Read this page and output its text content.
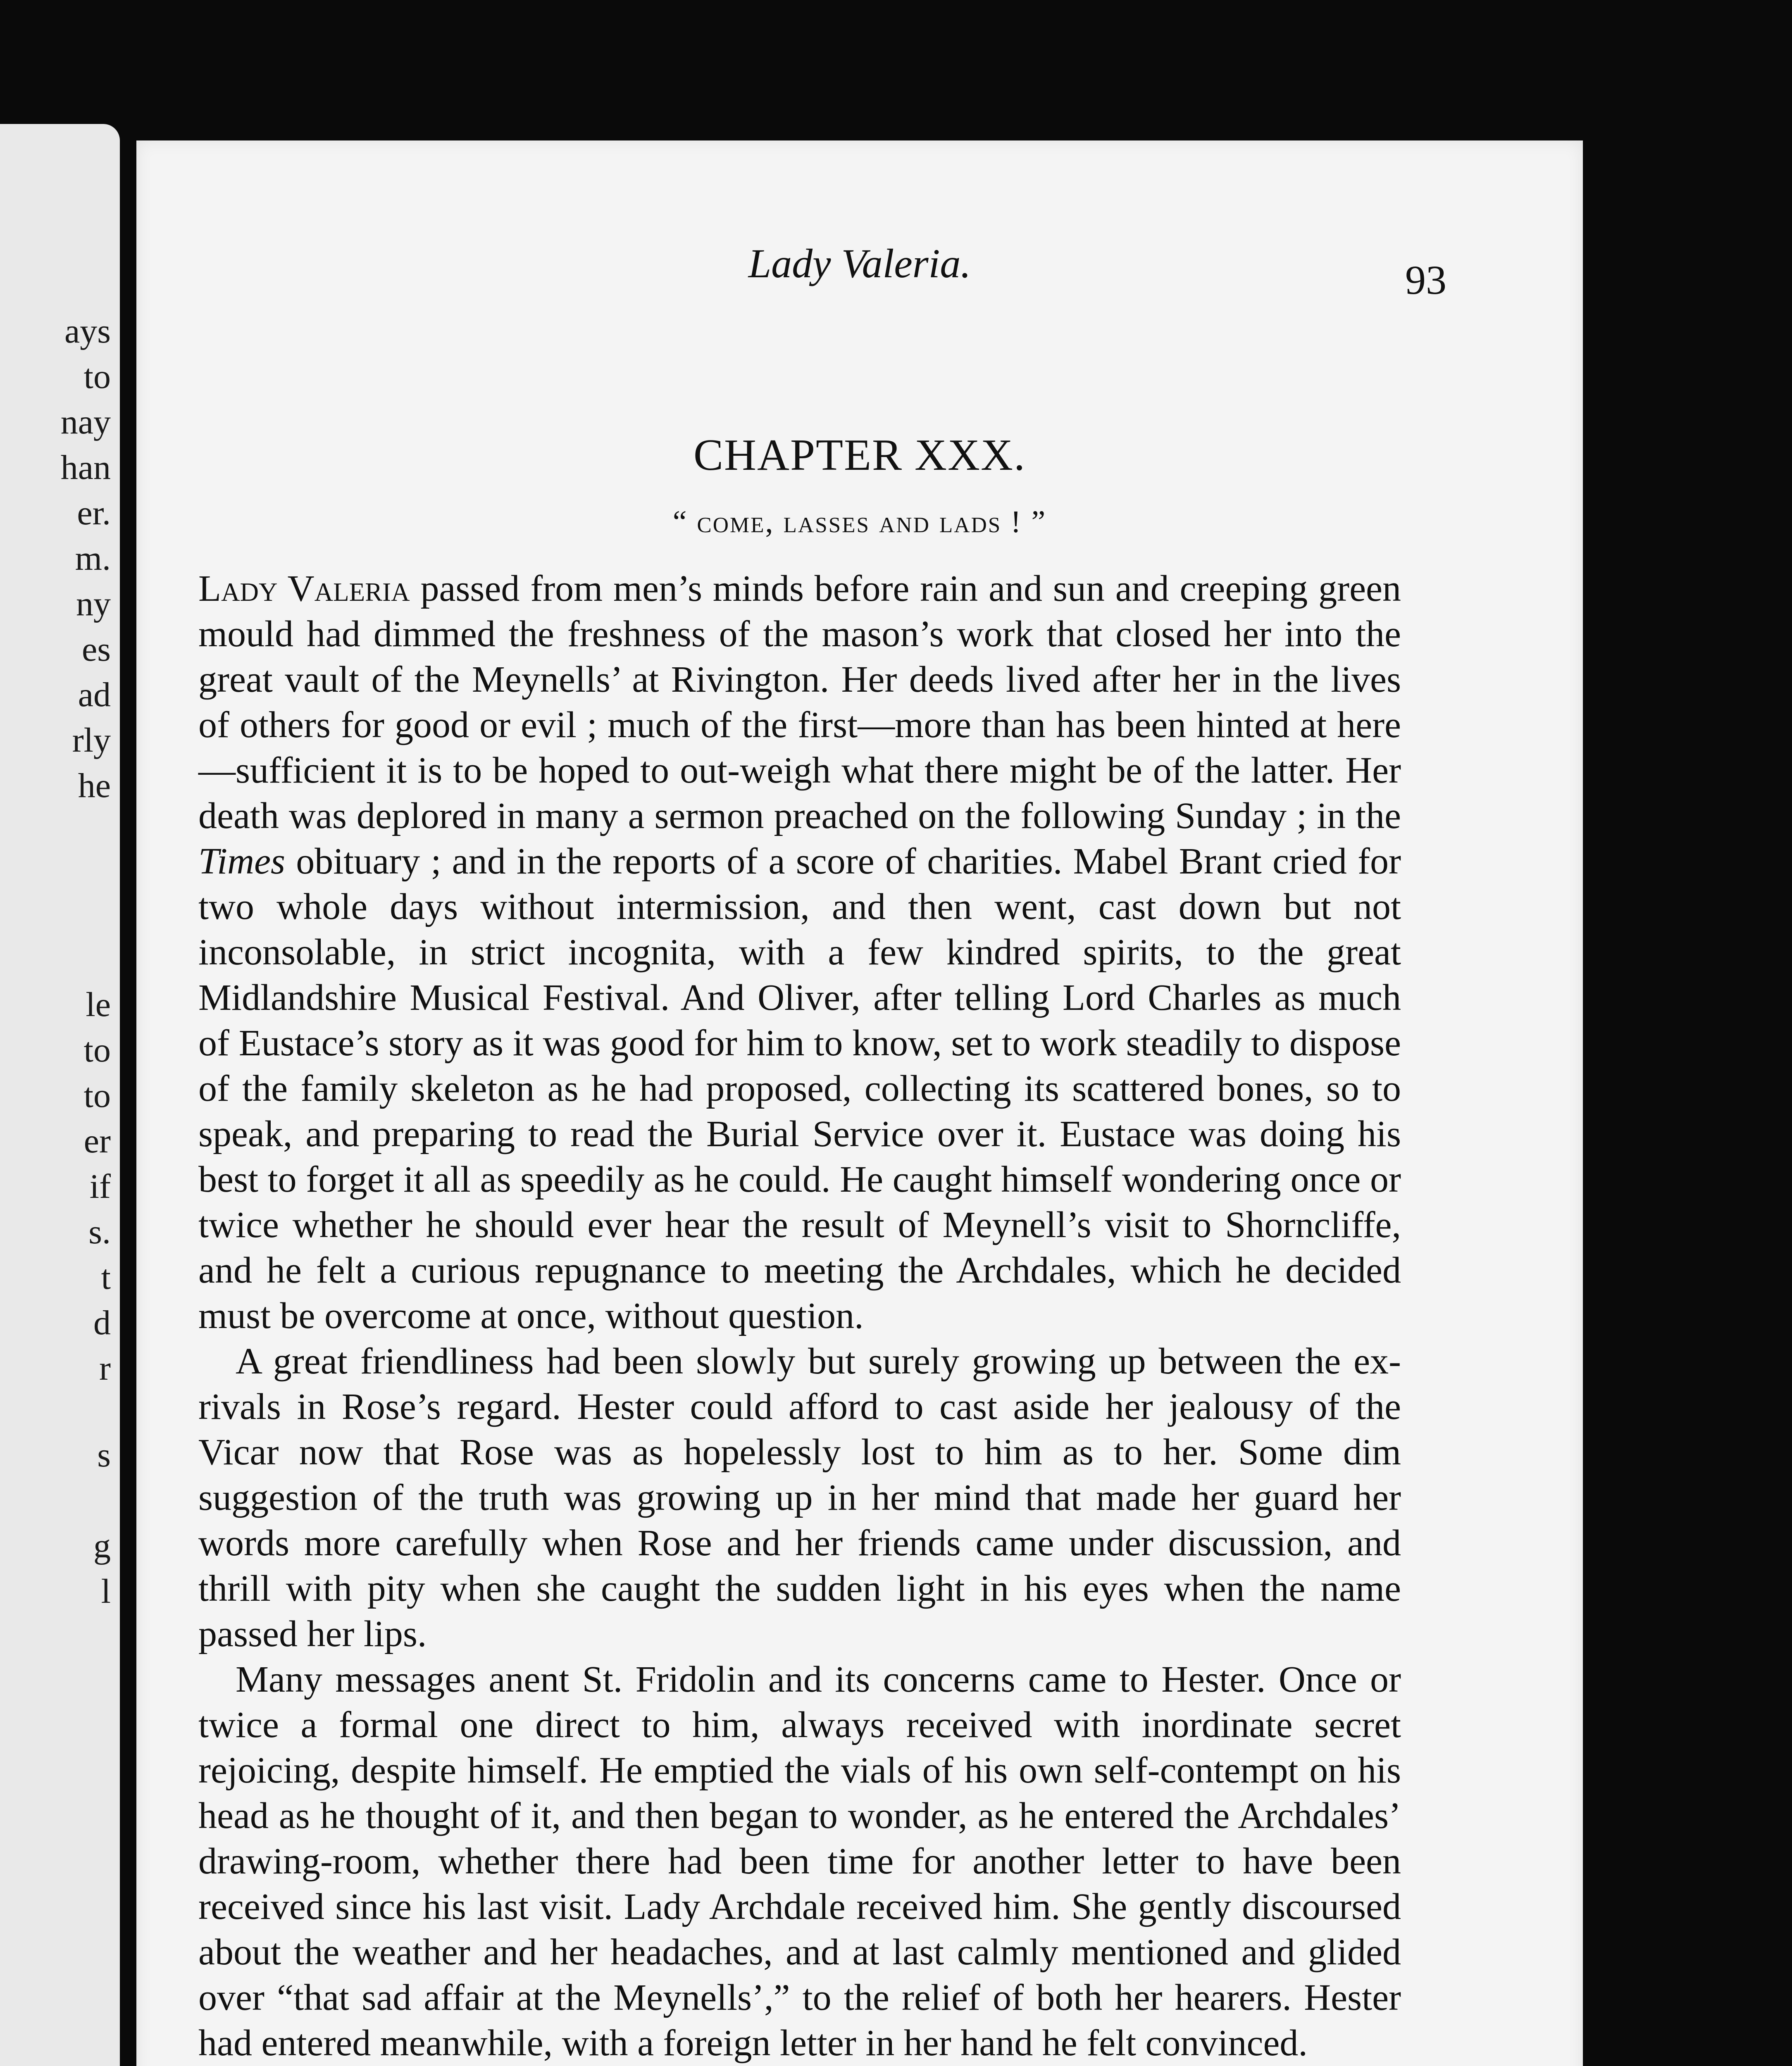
ays
to
nay
han
er.
m.
ny
es
ad
rly
he
le
to
to
er
if
s.
t
d
r
s
g
l
Lady Valeria.	93
CHAPTER XXX.
“ come, lasses and lads ! ”

Lady Valeria passed from men’s minds before rain and sun and creeping green mould had dimmed the freshness of the mason’s work that closed her into the great vault of the Meynells’ at Rivington. Her deeds lived after her in the lives of others for good or evil ; much of the first—more than has been hinted at here—sufficient it is to be hoped to out-weigh what there might be of the latter. Her death was deplored in many a sermon preached on the following Sunday ; in the Times obituary ; and in the reports of a score of charities. Mabel Brant cried for two whole days without intermission, and then went, cast down but not inconsolable, in strict incognita, with a few kindred spirits, to the great Midlandshire Musical Festival. And Oliver, after telling Lord Charles as much of Eustace’s story as it was good for him to know, set to work steadily to dispose of the family skeleton as he had proposed, collecting its scattered bones, so to speak, and preparing to read the Burial Service over it. Eustace was doing his best to forget it all as speedily as he could. He caught himself wondering once or twice whether he should ever hear the result of Meynell’s visit to Shorncliffe, and he felt a curious repugnance to meeting the Archdales, which he decided must be overcome at once, without question.

A great friendliness had been slowly but surely growing up between the ex-rivals in Rose’s regard. Hester could afford to cast aside her jealousy of the Vicar now that Rose was as hopelessly lost to him as to her. Some dim suggestion of the truth was growing up in her mind that made her guard her words more carefully when Rose and her friends came under discussion, and thrill with pity when she caught the sudden light in his eyes when the name passed her lips.

Many messages anent St. Fridolin and its concerns came to Hester. Once or twice a formal one direct to him, always received with inordinate secret rejoicing, despite himself. He emptied the vials of his own self-contempt on his head as he thought of it, and then began to wonder, as he entered the Archdales’ drawing-room, whether there had been time for another letter to have been received since his last visit. Lady Archdale received him. She gently discoursed about the weather and her headaches, and at last calmly mentioned and glided over “that sad affair at the Meynells’,” to the relief of both her hearers. Hester had entered meanwhile, with a foreign letter in her hand he felt convinced.
